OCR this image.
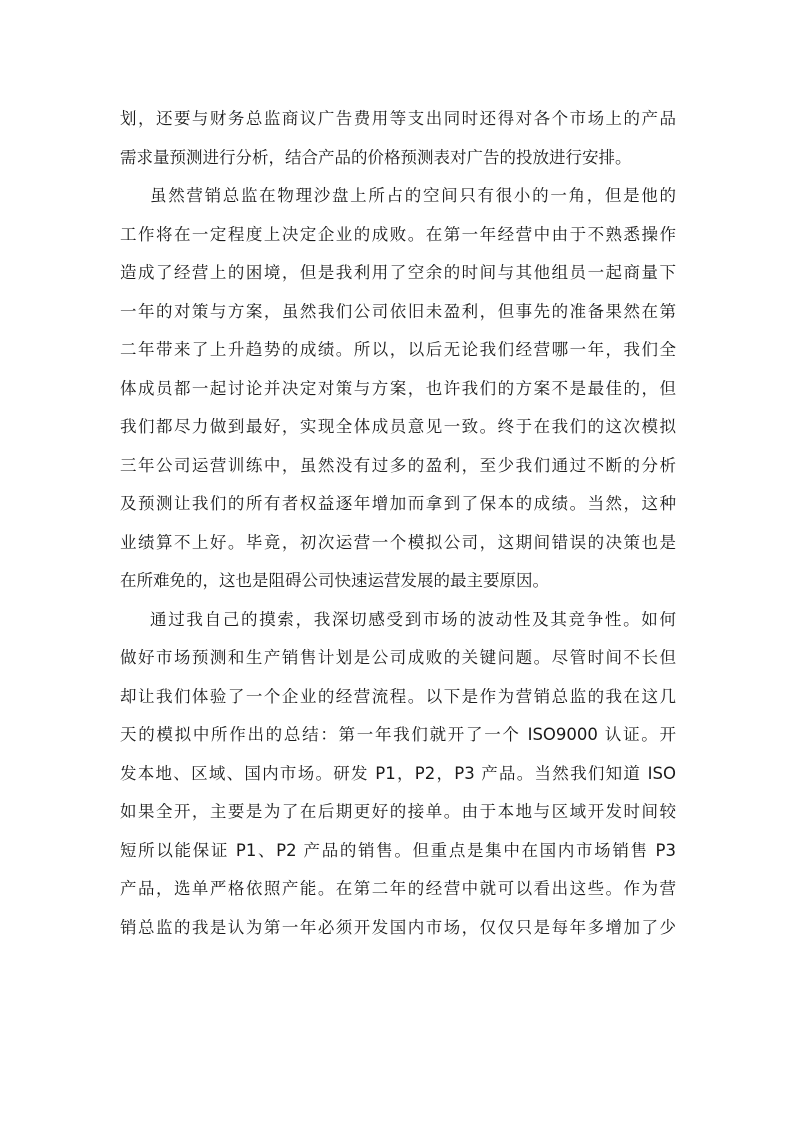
划，还要与财务总监商议广告费用等支出同时还得对各个市场上的产品
需求量预测进行分析，结合产品的价格预测表对广告的投放进行安排。
虽然营销总监在物理沙盘上所占的空间只有很小的一角，但是他的
工作将在一定程度上决定企业的成败。在第一年经营中由于不熟悉操作
造成了经营上的困境，但是我利用了空余的时间与其他组员一起商量下
一年的对策与方案，虽然我们公司依旧未盈利，但事先的准备果然在第
二年带来了上升趋势的成绩。所以，以后无论我们经营哪一年，我们全
体成员都一起讨论并决定对策与方案，也许我们的方案不是最佳的，但
我们都尽力做到最好，实现全体成员意见一致。终于在我们的这次模拟
三年公司运营训练中，虽然没有过多的盈利，至少我们通过不断的分析
及预测让我们的所有者权益逐年增加而拿到了保本的成绩。当然，这种
业绩算不上好。毕竟，初次运营一个模拟公司，这期间错误的决策也是
在所难免的，这也是阻碍公司快速运营发展的最主要原因。
通过我自己的摸索，我深切感受到市场的波动性及其竞争性。如何
做好市场预测和生产销售计划是公司成败的关键问题。尽管时间不长但
却让我们体验了一个企业的经营流程。以下是作为营销总监的我在这几
天的模拟中所作出的总结：第一年我们就开了一个 ISO9000 认证。开
发本地、区域、国内市场。研发 P1，P2，P3 产品。当然我们知道 ISO
如果全开，主要是为了在后期更好的接单。由于本地与区域开发时间较
短所以能保证 P1、P2 产品的销售。但重点是集中在国内市场销售 P3
产品，选单严格依照产能。在第二年的经营中就可以看出这些。作为营
销总监的我是认为第一年必须开发国内市场，仅仅只是每年多增加了少
